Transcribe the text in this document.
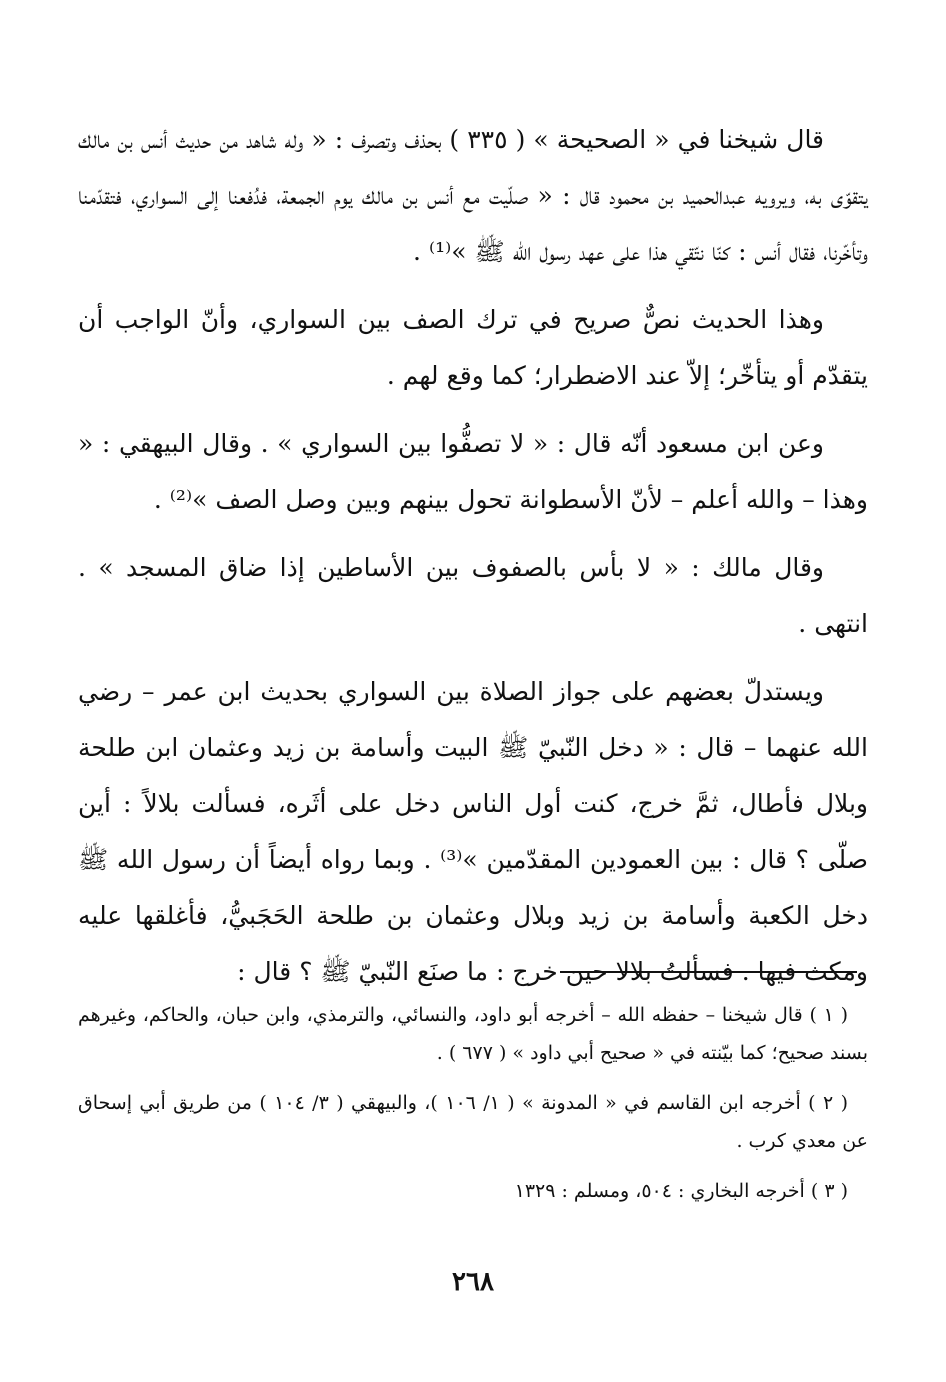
قال شيخنا في « الصحيحة » ( ٣٣٥ ) بحذف وتصرف : « وله شاهد من حديث أنس بن مالك يتقوّى به، ويرويه عبدالحميد بن محمود قال : « صلّيت مع أنس بن مالك يوم الجمعة، فدُفعنا إلى السواري، فتقدّمنا وتأخّرنا، فقال أنس : كنّا نتّقي هذا على عهد رسول الله ﷺ »⁽¹⁾ .

وهذا الحديث نصٌّ صريح في ترك الصف بين السواري، وأنّ الواجب أن يتقدّم أو يتأخّر؛ إلاّ عند الاضطرار؛ كما وقع لهم .

وعن ابن مسعود أنّه قال : « لا تصفُّوا بين السواري » . وقال البيهقي : « وهذا – والله أعلم – لأنّ الأسطوانة تحول بينهم وبين وصل الصف »⁽²⁾ .

وقال مالك : « لا بأس بالصفوف بين الأساطين إذا ضاق المسجد » . انتهى .

ويستدلّ بعضهم على جواز الصلاة بين السواري بحديث ابن عمر – رضي الله عنهما – قال : « دخل النّبيّ ﷺ البيت وأسامة بن زيد وعثمان ابن طلحة وبلال فأطال، ثمَّ خرج، كنت أول الناس دخل على أثَره، فسألت بلالاً : أين صلّى ؟ قال : بين العمودين المقدّمين »⁽³⁾ . وبما رواه أيضاً أن رسول الله ﷺ دخل الكعبة وأسامة بن زيد وبلال وعثمان بن طلحة الحَجَبيُّ، فأغلقها عليه ومكث فيها . فسألتُ بلالا حين خرج : ما صنَع النّبيّ ﷺ ؟ قال :

( ١ ) قال شيخنا – حفظه الله – أخرجه أبو داود، والنسائي، والترمذي، وابن حبان، والحاكم، وغيرهم بسند صحيح؛ كما بيّنته في « صحيح أبي داود » ( ٦٧٧ ) .

( ٢ ) أخرجه ابن القاسم في « المدونة » ( ١/ ١٠٦ )، والبيهقي ( ٣/ ١٠٤ ) من طريق أبي إسحاق عن معدي كرب .

( ٣ ) أخرجه البخاري : ٥٠٤، ومسلم : ١٣٢٩

٢٦٨
